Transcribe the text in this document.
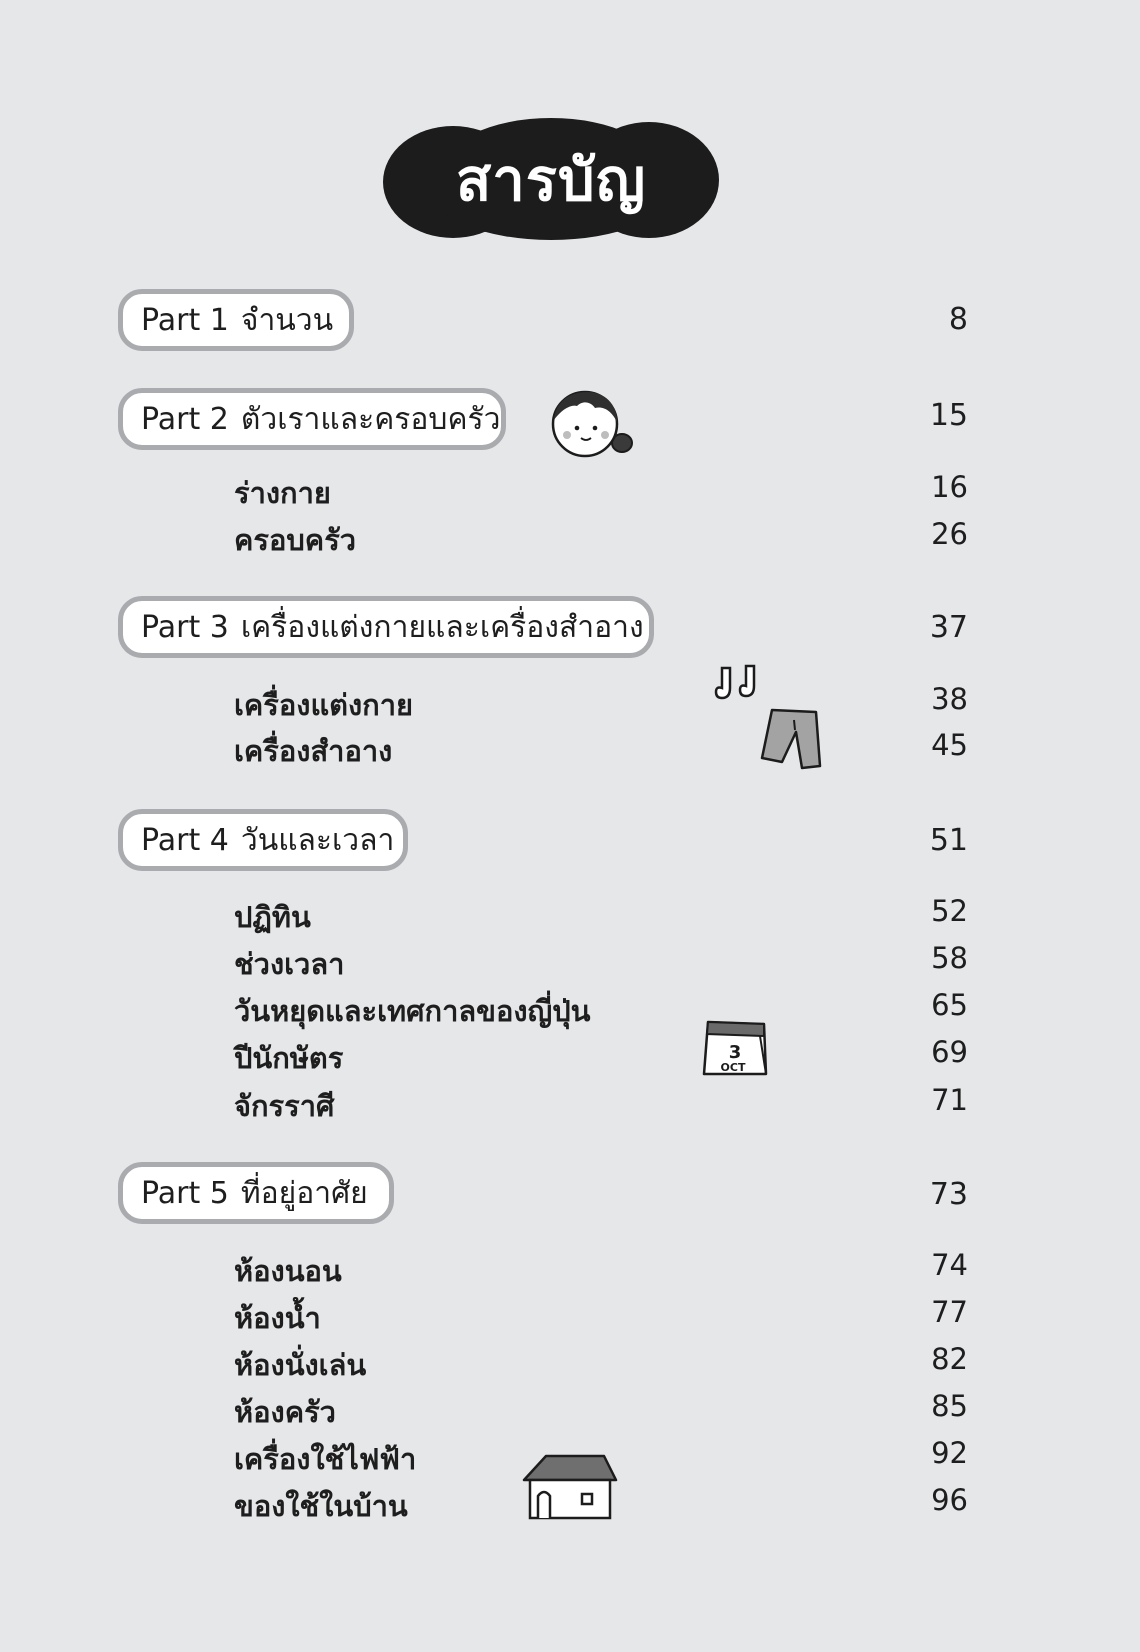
สารบัญ
Part 1 จำนวน	8
Part 2 ตัวเราและครอบครัว	15
ร่างกาย	16
ครอบครัว	26
Part 3 เครื่องแต่งกายและเครื่องสำอาง	37
เครื่องแต่งกาย	38
เครื่องสำอาง	45
Part 4 วันและเวลา	51
ปฏิทิน	52
ช่วงเวลา	58
วันหยุดและเทศกาลของญี่ปุ่น	65
ปีนักษัตร	69
จักรราศี	71
Part 5 ที่อยู่อาศัย	73
ห้องนอน	74
ห้องน้ำ	77
ห้องนั่งเล่น	82
ห้องครัว	85
เครื่องใช้ไฟฟ้า	92
ของใช้ในบ้าน	96
3
OCT
